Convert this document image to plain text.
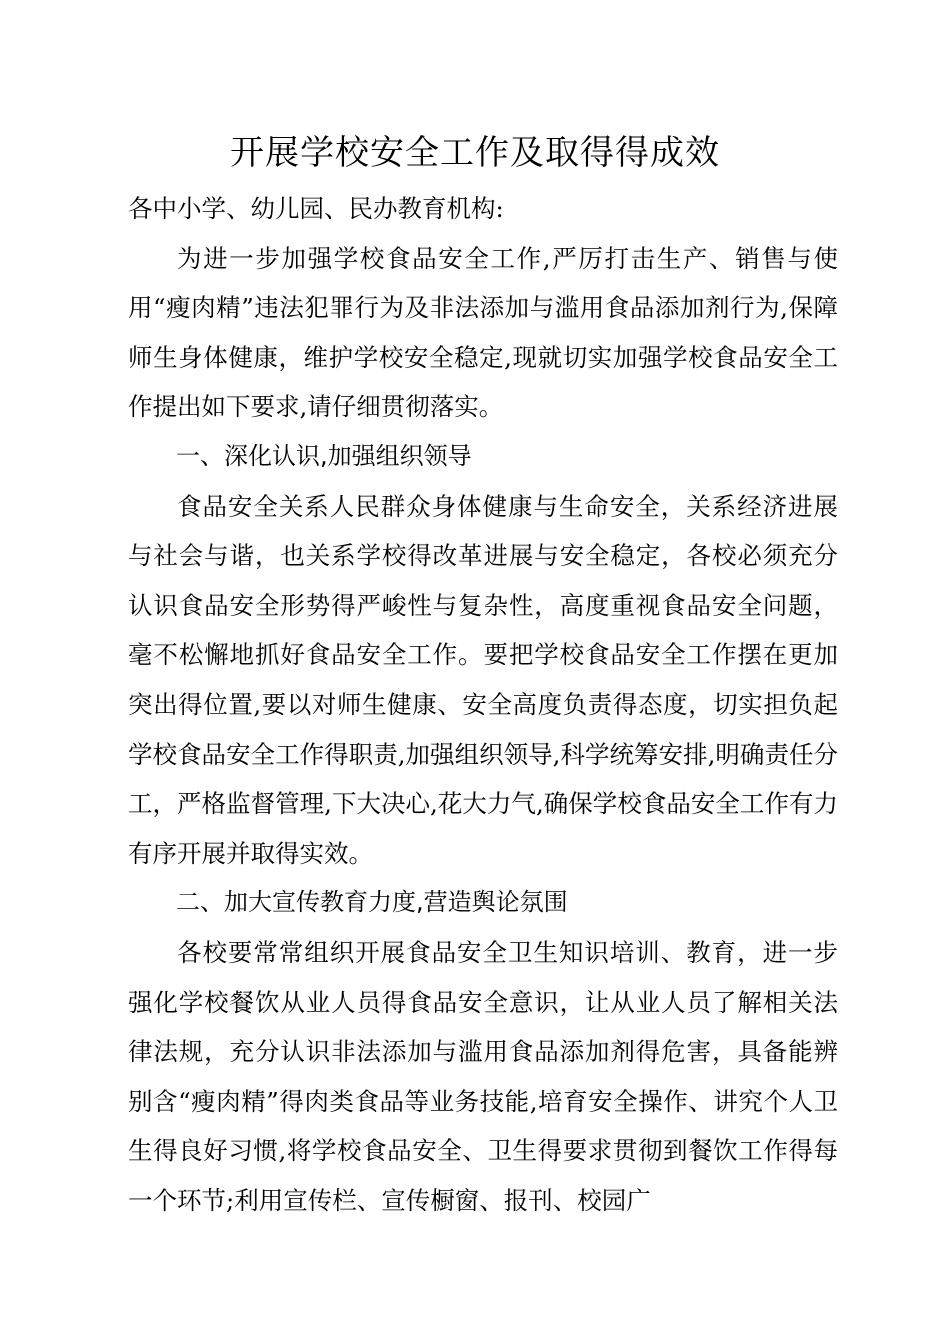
开展学校安全工作及取得得成效

各中小学、幼儿园、民办教育机构:

为进一步加强学校食品安全工作,严厉打击生产、销售与使用“瘦肉精”违法犯罪行为及非法添加与滥用食品添加剂行为,保障师生身体健康，维护学校安全稳定,现就切实加强学校食品安全工作提出如下要求,请仔细贯彻落实。

一、深化认识,加强组织领导

食品安全关系人民群众身体健康与生命安全，关系经济进展与社会与谐，也关系学校得改革进展与安全稳定，各校必须充分认识食品安全形势得严峻性与复杂性，高度重视食品安全问题，毫不松懈地抓好食品安全工作。要把学校食品安全工作摆在更加突出得位置,要以对师生健康、安全高度负责得态度，切实担负起学校食品安全工作得职责,加强组织领导,科学统筹安排,明确责任分工，严格监督管理,下大决心,花大力气,确保学校食品安全工作有力有序开展并取得实效。

二、加大宣传教育力度,营造舆论氛围

各校要常常组织开展食品安全卫生知识培训、教育，进一步强化学校餐饮从业人员得食品安全意识，让从业人员了解相关法律法规，充分认识非法添加与滥用食品添加剂得危害，具备能辨别含“瘦肉精”得肉类食品等业务技能,培育安全操作、讲究个人卫生得良好习惯,将学校食品安全、卫生得要求贯彻到餐饮工作得每一个环节;利用宣传栏、宣传橱窗、报刊、校园广
